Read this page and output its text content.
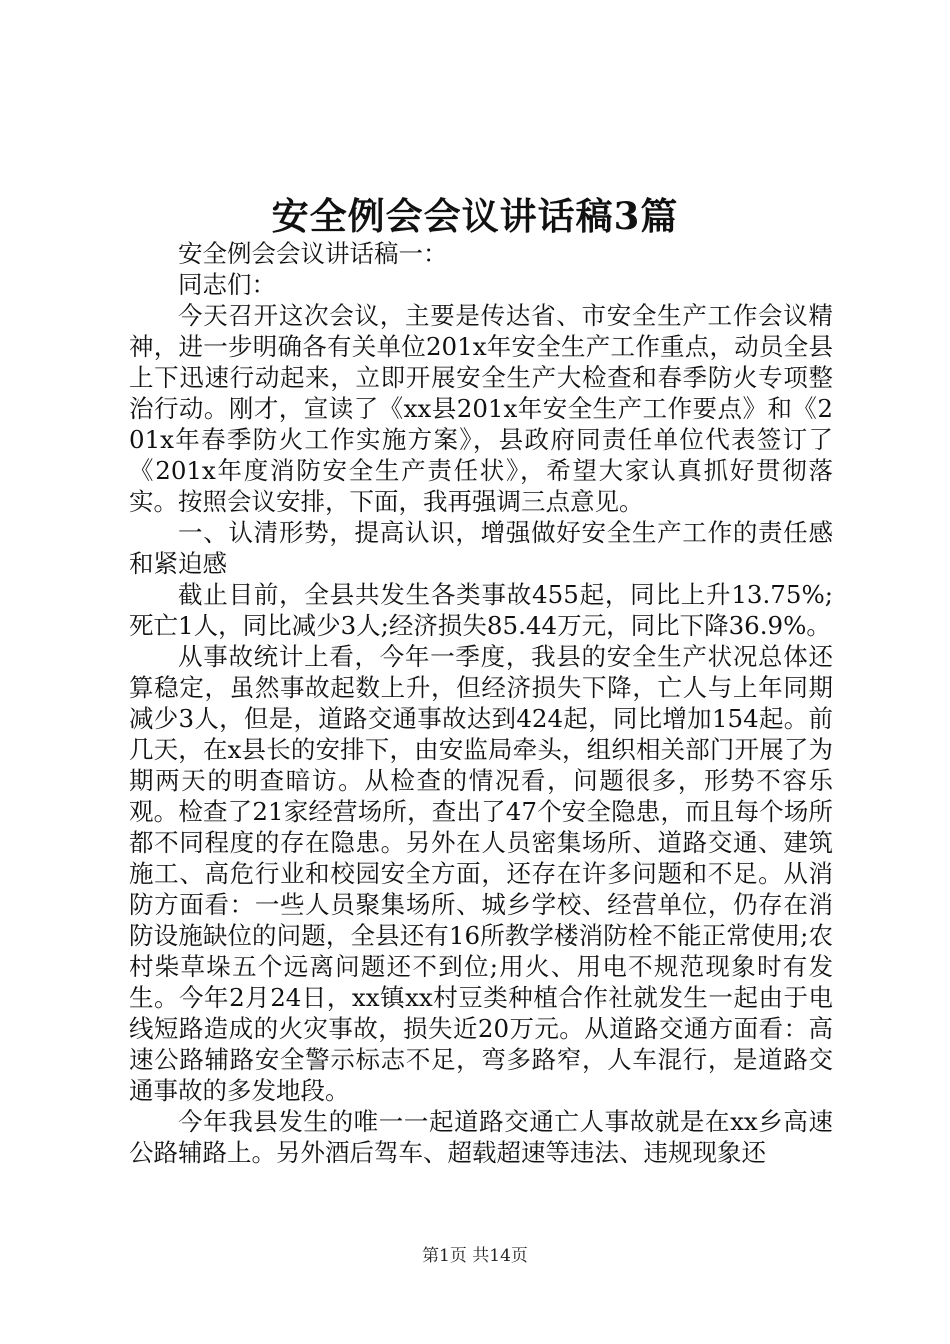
安全例会会议讲话稿3篇

安全例会会议讲话稿一：

同志们：

今天召开这次会议，主要是传达省、市安全生产工作会议精神，进一步明确各有关单位201x年安全生产工作重点，动员全县上下迅速行动起来，立即开展安全生产大检查和春季防火专项整治行动。刚才，宣读了《xx县201x年安全生产工作要点》和《201x年春季防火工作实施方案》，县政府同责任单位代表签订了《201x年度消防安全生产责任状》，希望大家认真抓好贯彻落实。按照会议安排，下面，我再强调三点意见。

一、认清形势，提高认识，增强做好安全生产工作的责任感和紧迫感

截止目前，全县共发生各类事故455起，同比上升13.75%;死亡1人，同比减少3人;经济损失85.44万元，同比下降36.9%。

从事故统计上看，今年一季度，我县的安全生产状况总体还算稳定，虽然事故起数上升，但经济损失下降，亡人与上年同期减少3人，但是，道路交通事故达到424起，同比增加154起。前几天，在x县长的安排下，由安监局牵头，组织相关部门开展了为期两天的明查暗访。从检查的情况看，问题很多，形势不容乐观。检查了21家经营场所，查出了47个安全隐患，而且每个场所都不同程度的存在隐患。另外在人员密集场所、道路交通、建筑施工、高危行业和校园安全方面，还存在许多问题和不足。从消防方面看：一些人员聚集场所、城乡学校、经营单位，仍存在消防设施缺位的问题，全县还有16所教学楼消防栓不能正常使用;农村柴草垛五个远离问题还不到位;用火、用电不规范现象时有发生。今年2月24日，xx镇xx村豆类种植合作社就发生一起由于电线短路造成的火灾事故，损失近20万元。从道路交通方面看：高速公路辅路安全警示标志不足，弯多路窄，人车混行，是道路交通事故的多发地段。

今年我县发生的唯一一起道路交通亡人事故就是在xx乡高速公路辅路上。另外酒后驾车、超载超速等违法、违规现象还

第1页 共14页
